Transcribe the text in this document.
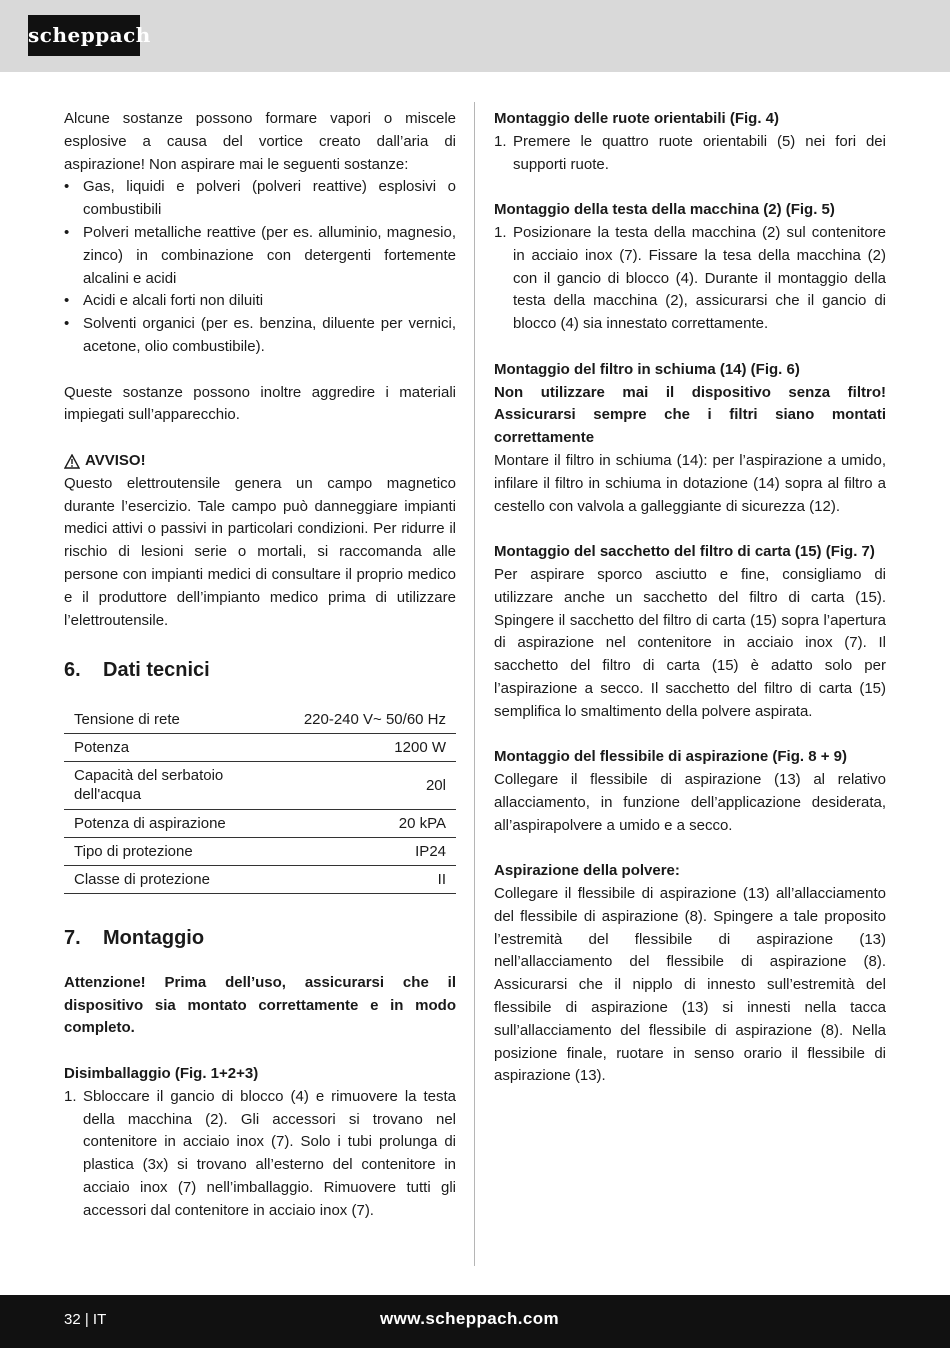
scheppach

Alcune sostanze possono formare vapori o miscele esplosive a causa del vortice creato dall’aria di aspirazione! Non aspirare mai le seguenti sostanze:

• Gas, liquidi e polveri (polveri reattive) esplosivi o combustibili
• Polveri metalliche reattive (per es. alluminio, magnesio, zinco) in combinazione con detergenti fortemente alcalini e acidi
• Acidi e alcali forti non diluiti
• Solventi organici (per es. benzina, diluente per vernici, acetone, olio combustibile).

Queste sostanze possono inoltre aggredire i materiali impiegati sull’apparecchio.

AVVISO!

Questo elettroutensile genera un campo magnetico durante l’esercizio. Tale campo può danneggiare impianti medici attivi o passivi in particolari condizioni. Per ridurre il rischio di lesioni serie o mortali, si raccomanda alle persone con impianti medici di consultare il proprio medico e il produttore dell’impianto medico prima di utilizzare l’elettroutensile.

6.	Dati tecnici
Tensione di rete	220-240 V~ 50/60 Hz
Potenza	1200 W
Capacità del serbatoio dell'acqua	20l
Potenza di aspirazione	20 kPA
Tipo di protezione	IP24
Classe di protezione	II
7.	Montaggio

Attenzione! Prima dell’uso, assicurarsi che il dispositivo sia montato correttamente e in modo completo.

Disimballaggio (Fig. 1+2+3)

1. Sbloccare il gancio di blocco (4) e rimuovere la testa della macchina (2). Gli accessori si trovano nel contenitore in acciaio inox (7). Solo i tubi prolunga di plastica (3x) si trovano all’esterno del contenitore in acciaio inox (7) nell’imballaggio. Rimuovere tutti gli accessori dal contenitore in acciaio inox (7).

Montaggio delle ruote orientabili (Fig. 4)

1. Premere le quattro ruote orientabili (5) nei fori dei supporti ruote.

Montaggio della testa della macchina (2) (Fig. 5)

1. Posizionare la testa della macchina (2) sul contenitore in acciaio inox (7). Fissare la tesa della macchina (2) con il gancio di blocco (4). Durante il montaggio della testa della macchina (2), assicurarsi che il gancio di blocco (4) sia innestato correttamente.

Montaggio del filtro in schiuma (14) (Fig. 6)

Non utilizzare mai il dispositivo senza filtro! Assicurarsi sempre che i filtri siano montati correttamente

Montare il filtro in schiuma (14): per l’aspirazione a umido, infilare il filtro in schiuma in dotazione (14) sopra al filtro a cestello con valvola a galleggiante di sicurezza (12).

Montaggio del sacchetto del filtro di carta (15) (Fig. 7)

Per aspirare sporco asciutto e fine, consigliamo di utilizzare anche un sacchetto del filtro di carta (15). Spingere il sacchetto del filtro di carta (15) sopra l’apertura di aspirazione nel contenitore in acciaio inox (7). Il sacchetto del filtro di carta (15) è adatto solo per l’aspirazione a secco. Il sacchetto del filtro di carta (15) semplifica lo smaltimento della polvere aspirata.

Montaggio del flessibile di aspirazione (Fig. 8 + 9)

Collegare il flessibile di aspirazione (13) al relativo allacciamento, in funzione dell’applicazione desiderata, all’aspirapolvere a umido e a secco.

Aspirazione della polvere:

Collegare il flessibile di aspirazione (13) all’allacciamento del flessibile di aspirazione (8). Spingere a tale proposito l’estremità del flessibile di aspirazione (13) nell’allacciamento del flessibile di aspirazione (8). Assicurarsi che il nipplo di innesto sull’estremità del flessibile di aspirazione (13) si innesti nella tacca sull’allacciamento del flessibile di aspirazione (8). Nella posizione finale, ruotare in senso orario il flessibile di aspirazione (13).

32 | IT	www.scheppach.com
